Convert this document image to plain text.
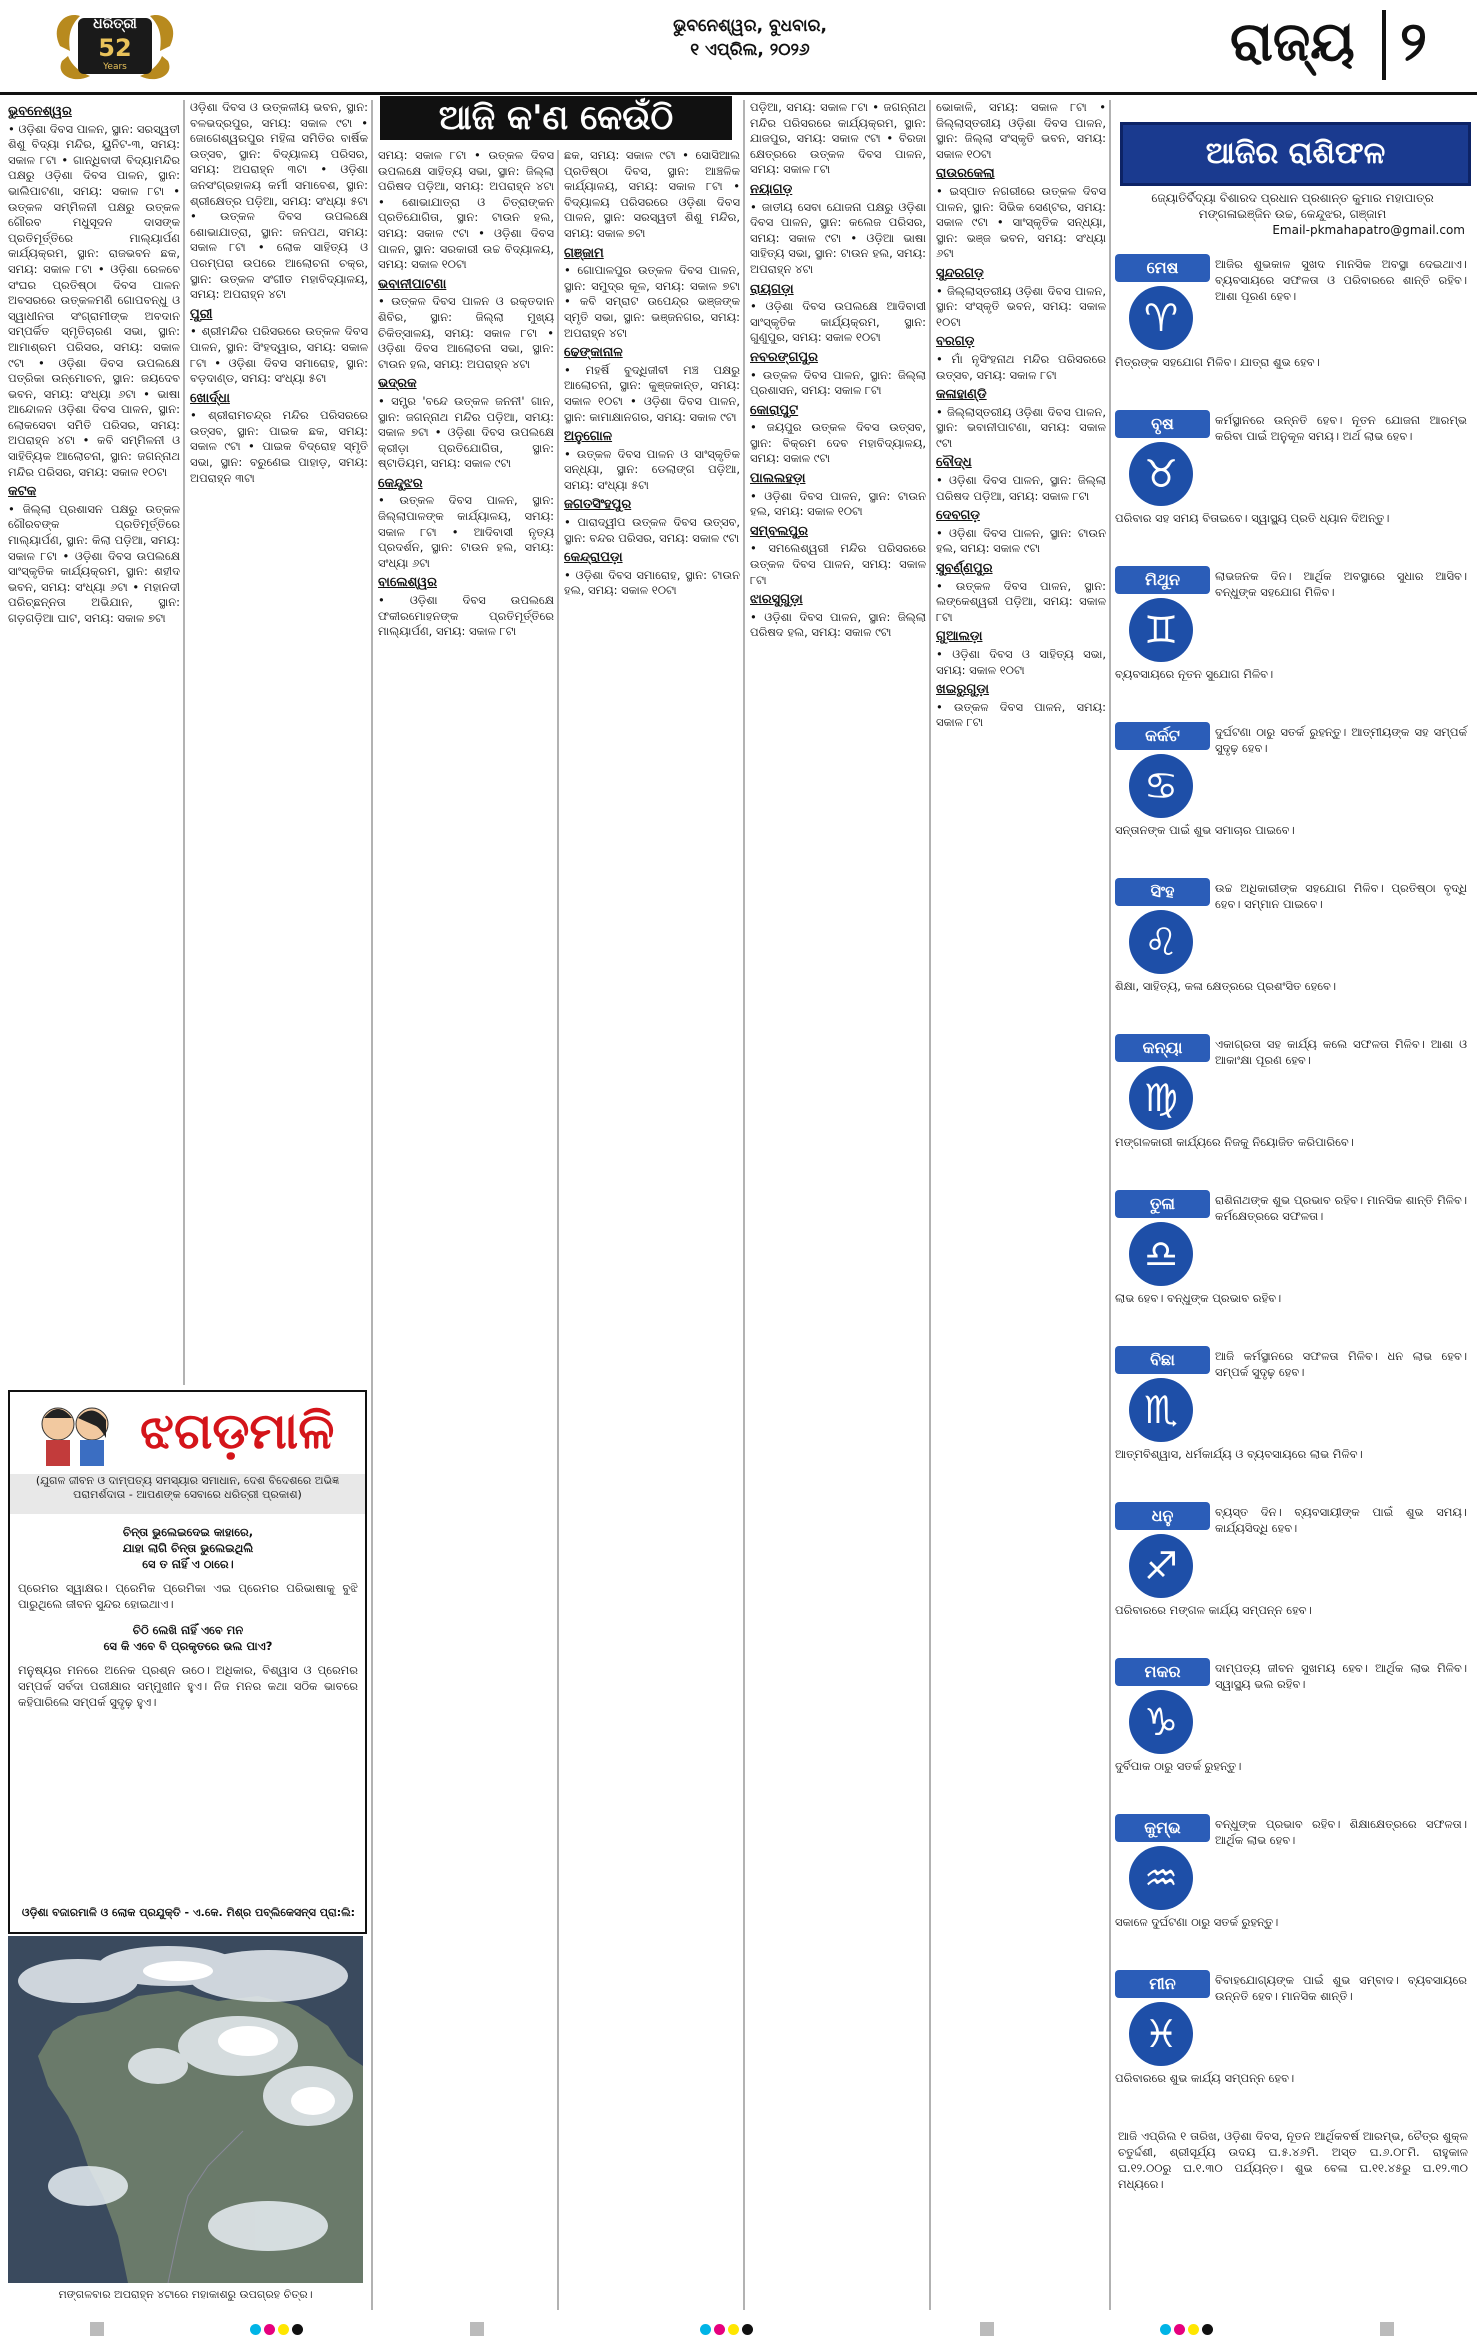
ଧରିତ୍ରୀ
52
Years
ଭୁବନେଶ୍ୱର, ବୁଧବାର,
୧ ଏପ୍ରିଲ, ୨୦୨୬	ରାଜ୍ୟ ୨
ଆଜି କ'ଣ କେଉଁଠି
ଭୁବନେଶ୍ୱର

• ଓଡ଼ିଶା ଦିବସ ପାଳନ, ସ୍ଥାନ: ସରସ୍ୱତୀ ଶିଶୁ ବିଦ୍ୟା ମନ୍ଦିର, ୟୁନିଟ-୩, ସମୟ: ସକାଳ ୮ଟା • ଗାନ୍ଧିବାଦୀ ବିଦ୍ୟାମନ୍ଦିର ପକ୍ଷରୁ ଓଡ଼ିଶା ଦିବସ ପାଳନ, ସ୍ଥାନ: ଭାଲିପାଟଣା, ସମୟ: ସକାଳ ୮ଟା • ଉତ୍କଳ ସମ୍ମିଳନୀ ପକ୍ଷରୁ ଉତ୍କଳ ଗୌରବ ମଧୁସୂଦନ ଦାସଙ୍କ ପ୍ରତିମୂର୍ତ୍ତିରେ ମାଲ୍ୟାର୍ପଣ କାର୍ଯ୍ୟକ୍ରମ, ସ୍ଥାନ: ରାଜଭବନ ଛକ, ସମୟ: ସକାଳ ୮ଟା • ଓଡ଼ିଶା ରେଳବେ ସଂଘର ପ୍ରତିଷ୍ଠା ଦିବସ ପାଳନ ଅବସରରେ ଉତ୍କଳମଣି ଗୋପବନ୍ଧୁ ଓ ସ୍ୱାଧୀନତା ସଂଗ୍ରାମୀଙ୍କ ଅବଦାନ ସମ୍ପର୍କିତ ସ୍ମୃତିଚାରଣ ସଭା, ସ୍ଥାନ: ଆମାଶ୍ରମ ପରିସର, ସମୟ: ସକାଳ ୯ଟା • ଓଡ଼ିଶା ଦିବସ ଉପଲକ୍ଷେ ପତ୍ରିକା ଉନ୍ମୋଚନ, ସ୍ଥାନ: ଜୟଦେବ ଭବନ, ସମୟ: ସଂଧ୍ୟା ୬ଟା • ଭାଷା ଆନ୍ଦୋଳନ ଓଡ଼ିଶା ଦିବସ ପାଳନ, ସ୍ଥାନ: ଲୋକସେବା ସମିତି ପରିସର, ସମୟ: ଅପରାହ୍ନ ୪ଟା • କବି ସମ୍ମିଳନୀ ଓ ସାହିତ୍ୟିକ ଆଲୋଚନା, ସ୍ଥାନ: ଜଗନ୍ନାଥ ମନ୍ଦିର ପରିସର, ସମୟ: ସକାଳ ୧୦ଟା

କଟକ

• ଜିଲ୍ଲା ପ୍ରଶାସନ ପକ୍ଷରୁ ଉତ୍କଳ ଗୌରବଙ୍କ ପ୍ରତିମୂର୍ତ୍ତିରେ ମାଲ୍ୟାର୍ପଣ, ସ୍ଥାନ: କିଲା ପଡ଼ିଆ, ସମୟ: ସକାଳ ୮ଟା • ଓଡ଼ିଶା ଦିବସ ଉପଲକ୍ଷେ ସାଂସ୍କୃତିକ କାର୍ଯ୍ୟକ୍ରମ, ସ୍ଥାନ: ଶହୀଦ ଭବନ, ସମୟ: ସଂଧ୍ୟା ୬ଟା • ମହାନଦୀ ପରିଚ୍ଛନ୍ନତା ଅଭିଯାନ, ସ୍ଥାନ: ଗଡ଼ଗଡ଼ିଆ ଘାଟ, ସମୟ: ସକାଳ ୭ଟା

ଓଡ଼ିଶା ଦିବସ ଓ ଉତ୍କଳୀୟ ଭବନ, ସ୍ଥାନ: ବଳଭଦ୍ରପୁର, ସମୟ: ସକାଳ ୯ଟା • ଜୋଗେଶ୍ୱରପୁର ମହିଳା ସମିତିର ବାର୍ଷିକ ଉତ୍ସବ, ସ୍ଥାନ: ବିଦ୍ୟାଳୟ ପରିସର, ସମୟ: ଅପରାହ୍ନ ୩ଟା • ଓଡ଼ିଶା ଜନସଂଗ୍ରହାଳୟ କର୍ମୀ ସମାବେଶ, ସ୍ଥାନ: ଶ୍ରୀକ୍ଷେତ୍ର ପଡ଼ିଆ, ସମୟ: ସଂଧ୍ୟା ୫ଟା • ଉତ୍କଳ ଦିବସ ଉପଲକ୍ଷେ ଶୋଭାଯାତ୍ରା, ସ୍ଥାନ: ଜନପଥ, ସମୟ: ସକାଳ ୮ଟା • ଲୋକ ସାହିତ୍ୟ ଓ ପରମ୍ପରା ଉପରେ ଆଲୋଚନା ଚକ୍ର, ସ୍ଥାନ: ଉତ୍କଳ ସଂଗୀତ ମହାବିଦ୍ୟାଳୟ, ସମୟ: ଅପରାହ୍ନ ୪ଟା

ପୁରୀ

• ଶ୍ରୀମନ୍ଦିର ପରିସରରେ ଉତ୍କଳ ଦିବସ ପାଳନ, ସ୍ଥାନ: ସିଂହଦ୍ୱାର, ସମୟ: ସକାଳ ୮ଟା • ଓଡ଼ିଶା ଦିବସ ସମାରୋହ, ସ୍ଥାନ: ବଡ଼ଦାଣ୍ଡ, ସମୟ: ସଂଧ୍ୟା ୫ଟା

ଖୋର୍ଦ୍ଧା

• ଶ୍ରୀରାମଚନ୍ଦ୍ର ମନ୍ଦିର ପରିସରରେ ଉତ୍ସବ, ସ୍ଥାନ: ପାଇକ ଛକ, ସମୟ: ସକାଳ ୯ଟା • ପାଇକ ବିଦ୍ରୋହ ସ୍ମୃତି ସଭା, ସ୍ଥାନ: ବରୁଣେଇ ପାହାଡ଼, ସମୟ: ଅପରାହ୍ନ ୩ଟା

ସମୟ: ସକାଳ ୮ଟା • ଉତ୍କଳ ଦିବସ ଉପଲକ୍ଷେ ସାହିତ୍ୟ ସଭା, ସ୍ଥାନ: ଜିଲ୍ଲା ପରିଷଦ ପଡ଼ିଆ, ସମୟ: ଅପରାହ୍ନ ୪ଟା • ଶୋଭାଯାତ୍ରା ଓ ଚିତ୍ରାଙ୍କନ ପ୍ରତିଯୋଗିତା, ସ୍ଥାନ: ଟାଉନ ହଲ, ସମୟ: ସକାଳ ୯ଟା • ଓଡ଼ିଶା ଦିବସ ପାଳନ, ସ୍ଥାନ: ସରକାରୀ ଉଚ୍ଚ ବିଦ୍ୟାଳୟ, ସମୟ: ସକାଳ ୧୦ଟା

ଭବାନୀପାଟଣା

• ଉତ୍କଳ ଦିବସ ପାଳନ ଓ ରକ୍ତଦାନ ଶିବିର, ସ୍ଥାନ: ଜିଲ୍ଲା ମୁଖ୍ୟ ଚିକିତ୍ସାଳୟ, ସମୟ: ସକାଳ ୮ଟା • ଓଡ଼ିଶା ଦିବସ ଆଲୋଚନା ସଭା, ସ୍ଥାନ: ଟାଉନ ହଲ, ସମୟ: ଅପରାହ୍ନ ୪ଟା

ଭଦ୍ରକ

• ସମ୍ପ୍ର 'ବନ୍ଦେ ଉତ୍କଳ ଜନନୀ' ଗାନ, ସ୍ଥାନ: ଜଗନ୍ନାଥ ମନ୍ଦିର ପଡ଼ିଆ, ସମୟ: ସକାଳ ୭ଟା • ଓଡ଼ିଶା ଦିବସ ଉପଲକ୍ଷେ କ୍ରୀଡ଼ା ପ୍ରତିଯୋଗିତା, ସ୍ଥାନ: ଷ୍ଟାଡିୟମ, ସମୟ: ସକାଳ ୯ଟା

କେନ୍ଦୁଝର

• ଉତ୍କଳ ଦିବସ ପାଳନ, ସ୍ଥାନ: ଜିଲ୍ଲାପାଳଙ୍କ କାର୍ଯ୍ୟାଳୟ, ସମୟ: ସକାଳ ୮ଟା • ଆଦିବାସୀ ନୃତ୍ୟ ପ୍ରଦର୍ଶନ, ସ୍ଥାନ: ଟାଉନ ହଲ, ସମୟ: ସଂଧ୍ୟା ୬ଟା

ବାଲେଶ୍ୱର

• ଓଡ଼ିଶା ଦିବସ ଉପଲକ୍ଷେ ଫକୀରମୋହନଙ୍କ ପ୍ରତିମୂର୍ତ୍ତିରେ ମାଲ୍ୟାର୍ପଣ, ସମୟ: ସକାଳ ୮ଟା

ଛକ, ସମୟ: ସକାଳ ୯ଟା • ସୋସିଆଲ ପ୍ରତିଷ୍ଠା ଦିବସ, ସ୍ଥାନ: ଆଞ୍ଚଳିକ କାର୍ଯ୍ୟାଳୟ, ସମୟ: ସକାଳ ୮ଟା • ବିଦ୍ୟାଳୟ ପରିସରରେ ଓଡ଼ିଶା ଦିବସ ପାଳନ, ସ୍ଥାନ: ସରସ୍ୱତୀ ଶିଶୁ ମନ୍ଦିର, ସମୟ: ସକାଳ ୭ଟା

ଗଞ୍ଜାମ

• ଗୋପାଳପୁର ଉତ୍କଳ ଦିବସ ପାଳନ, ସ୍ଥାନ: ସମୁଦ୍ର କୂଳ, ସମୟ: ସକାଳ ୭ଟା • କବି ସମ୍ରାଟ ଉପେନ୍ଦ୍ର ଭଞ୍ଜଙ୍କ ସ୍ମୃତି ସଭା, ସ୍ଥାନ: ଭଞ୍ଜନଗର, ସମୟ: ଅପରାହ୍ନ ୪ଟା

ଢେଙ୍କାନାଳ

• ମହର୍ଷି ବୁଦ୍ଧିଜୀବୀ ମଞ୍ଚ ପକ୍ଷରୁ ଆଲୋଚନା, ସ୍ଥାନ: କୁଞ୍ଜକାନ୍ତ, ସମୟ: ସକାଳ ୧୦ଟା • ଓଡ଼ିଶା ଦିବସ ପାଳନ, ସ୍ଥାନ: କାମାକ୍ଷାନଗର, ସମୟ: ସକାଳ ୯ଟା

ଅନୁଗୋଳ

• ଉତ୍କଳ ଦିବସ ପାଳନ ଓ ସାଂସ୍କୃତିକ ସନ୍ଧ୍ୟା, ସ୍ଥାନ: ଡେଲାଙ୍ଗ ପଡ଼ିଆ, ସମୟ: ସଂଧ୍ୟା ୫ଟା

ଜଗତସିଂହପୁର

• ପାରାଦ୍ୱୀପ ଉତ୍କଳ ଦିବସ ଉତ୍ସବ, ସ୍ଥାନ: ବନ୍ଦର ପରିସର, ସମୟ: ସକାଳ ୯ଟା

କେନ୍ଦ୍ରାପଡ଼ା

• ଓଡ଼ିଶା ଦିବସ ସମାରୋହ, ସ୍ଥାନ: ଟାଉନ ହଲ, ସମୟ: ସକାଳ ୧୦ଟା

ପଡ଼ିଆ, ସମୟ: ସକାଳ ୮ଟା • ଜଗନ୍ନାଥ ମନ୍ଦିର ପରିସରରେ କାର୍ଯ୍ୟକ୍ରମ, ସ୍ଥାନ: ଯାଜପୁର, ସମୟ: ସକାଳ ୯ଟା • ବିରଜା କ୍ଷେତ୍ରରେ ଉତ୍କଳ ଦିବସ ପାଳନ, ସମୟ: ସକାଳ ୮ଟା

ନୟାଗଡ଼

• ଜାତୀୟ ସେବା ଯୋଜନା ପକ୍ଷରୁ ଓଡ଼ିଶା ଦିବସ ପାଳନ, ସ୍ଥାନ: କଲେଜ ପରିସର, ସମୟ: ସକାଳ ୯ଟା • ଓଡ଼ିଆ ଭାଷା ସାହିତ୍ୟ ସଭା, ସ୍ଥାନ: ଟାଉନ ହଲ, ସମୟ: ଅପରାହ୍ନ ୪ଟା

ରାୟଗଡ଼ା

• ଓଡ଼ିଶା ଦିବସ ଉପଲକ୍ଷେ ଆଦିବାସୀ ସାଂସ୍କୃତିକ କାର୍ଯ୍ୟକ୍ରମ, ସ୍ଥାନ: ଗୁଣୁପୁର, ସମୟ: ସକାଳ ୧୦ଟା

ନବରଙ୍ଗପୁର

• ଉତ୍କଳ ଦିବସ ପାଳନ, ସ୍ଥାନ: ଜିଲ୍ଲା ପ୍ରଶାସନ, ସମୟ: ସକାଳ ୮ଟା

କୋରାପୁଟ

• ଜୟପୁର ଉତ୍କଳ ଦିବସ ଉତ୍ସବ, ସ୍ଥାନ: ବିକ୍ରମ ଦେବ ମହାବିଦ୍ୟାଳୟ, ସମୟ: ସକାଳ ୯ଟା

ପାଲଲହଡ଼ା

• ଓଡ଼ିଶା ଦିବସ ପାଳନ, ସ୍ଥାନ: ଟାଉନ ହଲ, ସମୟ: ସକାଳ ୧୦ଟା

ସମ୍ବଲପୁର

• ସମଲେଶ୍ୱରୀ ମନ୍ଦିର ପରିସରରେ ଉତ୍କଳ ଦିବସ ପାଳନ, ସମୟ: ସକାଳ ୮ଟା

ଝାରସୁଗୁଡ଼ା

• ଓଡ଼ିଶା ଦିବସ ପାଳନ, ସ୍ଥାନ: ଜିଲ୍ଲା ପରିଷଦ ହଲ, ସମୟ: ସକାଳ ୯ଟା

ଭୋକାଳି, ସମୟ: ସକାଳ ୮ଟା • ଜିଲ୍ଲାସ୍ତରୀୟ ଓଡ଼ିଶା ଦିବସ ପାଳନ, ସ୍ଥାନ: ଜିଲ୍ଲା ସଂସ୍କୃତି ଭବନ, ସମୟ: ସକାଳ ୧୦ଟା

ରାଉରକେଲା

• ଇସ୍ପାତ ନଗରୀରେ ଉତ୍କଳ ଦିବସ ପାଳନ, ସ୍ଥାନ: ସିଭିକ ସେଣ୍ଟର, ସମୟ: ସକାଳ ୯ଟା • ସାଂସ୍କୃତିକ ସନ୍ଧ୍ୟା, ସ୍ଥାନ: ଭଞ୍ଜ ଭବନ, ସମୟ: ସଂଧ୍ୟା ୬ଟା

ସୁନ୍ଦରଗଡ଼

• ଜିଲ୍ଲାସ୍ତରୀୟ ଓଡ଼ିଶା ଦିବସ ପାଳନ, ସ୍ଥାନ: ସଂସ୍କୃତି ଭବନ, ସମୟ: ସକାଳ ୧୦ଟା

ବରଗଡ଼

• ମାଁ ନୃସିଂହନାଥ ମନ୍ଦିର ପରିସରରେ ଉତ୍ସବ, ସମୟ: ସକାଳ ୮ଟା

କଳାହାଣ୍ଡି

• ଜିଲ୍ଲାସ୍ତରୀୟ ଓଡ଼ିଶା ଦିବସ ପାଳନ, ସ୍ଥାନ: ଭବାନୀପାଟଣା, ସମୟ: ସକାଳ ୯ଟା

ବୌଦ୍ଧ

• ଓଡ଼ିଶା ଦିବସ ପାଳନ, ସ୍ଥାନ: ଜିଲ୍ଲା ପରିଷଦ ପଡ଼ିଆ, ସମୟ: ସକାଳ ୮ଟା

ଦେବଗଡ଼

• ଓଡ଼ିଶା ଦିବସ ପାଳନ, ସ୍ଥାନ: ଟାଉନ ହଲ, ସମୟ: ସକାଳ ୯ଟା

ସୁବର୍ଣ୍ଣପୁର

• ଉତ୍କଳ ଦିବସ ପାଳନ, ସ୍ଥାନ: ଲଙ୍କେଶ୍ୱରୀ ପଡ଼ିଆ, ସମୟ: ସକାଳ ୮ଟା

ଗୁଆଲଡ଼ା

• ଓଡ଼ିଶା ଦିବସ ଓ ସାହିତ୍ୟ ସଭା, ସମୟ: ସକାଳ ୧୦ଟା

ଖଇରୁଗୁଡ଼ା

• ଉତ୍କଳ ଦିବସ ପାଳନ, ସମୟ: ସକାଳ ୮ଟା

ଝଗଡ଼ମାଳି
(ଯୁଗଳ ଜୀବନ ଓ ଦାମ୍ପତ୍ୟ ସମସ୍ୟାର ସମାଧାନ, ଦେଶ ବିଦେଶରେ ଅଭିଜ୍ଞ ପରାମର୍ଶଦାତା - ଆପଣଙ୍କ ସେବାରେ ଧରିତ୍ରୀ ପ୍ରକାଶ)
ଚିନ୍ତା ଭୁଲେଇଦେଇ କାହାରେ,
ଯାହା ଲାଗି ଚିନ୍ତା ଭୁଲେଇଥିଲି
ସେ ତ ନାହିଁ ଏ ଠାରେ।
ପ୍ରେମର ସ୍ୱାକ୍ଷର। ପ୍ରେମିକ ପ୍ରେମିକା ଏଇ ପ୍ରେମର ପରିଭାଷାକୁ ବୁଝି ପାରୁଥିଲେ ଜୀବନ ସୁନ୍ଦର ହୋଇଥାଏ।
ଚିଠି ଲେଖି ନାହିଁ ଏବେ ମନ
ସେ କି ଏବେ ବି ପ୍ରକୃତରେ ଭଲ ପାଏ?
ମନୁଷ୍ୟର ମନରେ ଅନେକ ପ୍ରଶ୍ନ ଉଠେ। ଅଧିକାର, ବିଶ୍ୱାସ ଓ ପ୍ରେମର ସମ୍ପର୍କ ସର୍ବଦା ପରୀକ୍ଷାର ସମ୍ମୁଖୀନ ହୁଏ। ନିଜ ମନର କଥା ସଠିକ ଭାବରେ କହିପାରିଲେ ସମ୍ପର୍କ ସୁଦୃଢ଼ ହୁଏ।
ଓଡ଼ିଶା ବଜାରମାଳି ଓ ଲୋକ ପ୍ରଯୁକ୍ତି - ଏ.କେ. ମିଶ୍ର ପବ୍ଲିକେସନ୍ସ ପ୍ରା:ଲି:
ମଙ୍ଗଳବାର ଅପରାହ୍ନ ୪ଟାରେ ମହାକାଶରୁ ଉପଗ୍ରହ ଚିତ୍ର।
ଆଜିର ରାଶିଫଳ
ଜ୍ୟୋତିର୍ବିଦ୍ୟା ବିଶାରଦ ପ୍ରଧାନ ପ୍ରଶାନ୍ତ କୁମାର ମହାପାତ୍ର
ମଙ୍ଗଳାଇଞ୍ଜିନ ଉଚ୍ଚ, କେନ୍ଦୁଝର, ଗଞ୍ଜାମ
Email-pkmahapatro@gmail.com
ମେଷ
♈
ଆଜିର ଶୁଭକାଳ ସୁଖଦ ମାନସିକ ଅବସ୍ଥା ଦେଇଥାଏ। ବ୍ୟବସାୟରେ ସଫଳତା ଓ ପରିବାରରେ ଶାନ୍ତି ରହିବ। ଆଶା ପୂରଣ ହେବ।
ମିତ୍ରଙ୍କ ସହଯୋଗ ମିଳିବ। ଯାତ୍ରା ଶୁଭ ହେବ।
ବୃଷ
♉
କର୍ମସ୍ଥାନରେ ଉନ୍ନତି ହେବ। ନୂତନ ଯୋଜନା ଆରମ୍ଭ କରିବା ପାଇଁ ଅନୁକୂଳ ସମୟ। ଅର୍ଥ ଲାଭ ହେବ।
ପରିବାର ସହ ସମୟ ବିତାଇବେ। ସ୍ୱାସ୍ଥ୍ୟ ପ୍ରତି ଧ୍ୟାନ ଦିଅନ୍ତୁ।
ମିଥୁନ
♊
ଲାଭଜନକ ଦିନ। ଆର୍ଥିକ ଅବସ୍ଥାରେ ସୁଧାର ଆସିବ। ବନ୍ଧୁଙ୍କ ସହଯୋଗ ମିଳିବ।
ବ୍ୟବସାୟରେ ନୂତନ ସୁଯୋଗ ମିଳିବ।
କର୍କଟ
♋
ଦୁର୍ଘଟଣା ଠାରୁ ସତର୍କ ରୁହନ୍ତୁ। ଆତ୍ମୀୟଙ୍କ ସହ ସମ୍ପର୍କ ସୁଦୃଢ଼ ହେବ।
ସନ୍ତାନଙ୍କ ପାଇଁ ଶୁଭ ସମାଚାର ପାଇବେ।
ସିଂହ
♌
ଉଚ୍ଚ ଅଧିକାରୀଙ୍କ ସହଯୋଗ ମିଳିବ। ପ୍ରତିଷ୍ଠା ବୃଦ୍ଧି ହେବ। ସମ୍ମାନ ପାଇବେ।
ଶିକ୍ଷା, ସାହିତ୍ୟ, କଳା କ୍ଷେତ୍ରରେ ପ୍ରଶଂସିତ ହେବେ।
କନ୍ୟା
♍
ଏକାଗ୍ରତା ସହ କାର୍ଯ୍ୟ କଲେ ସଫଳତା ମିଳିବ। ଆଶା ଓ ଆକାଂକ୍ଷା ପୂରଣ ହେବ।
ମଙ୍ଗଳକାରୀ କାର୍ଯ୍ୟରେ ନିଜକୁ ନିୟୋଜିତ କରିପାରିବେ।
ତୁଳା
♎
ରାଶିନାଥଙ୍କ ଶୁଭ ପ୍ରଭାବ ରହିବ। ମାନସିକ ଶାନ୍ତି ମିଳିବ। କର୍ମକ୍ଷେତ୍ରରେ ସଫଳତା।
ଲାଭ ହେବ। ବନ୍ଧୁଙ୍କ ପ୍ରଭାବ ରହିବ।
ବିଛା
♏
ଆଜି କର୍ମସ୍ଥାନରେ ସଫଳତା ମିଳିବ। ଧନ ଲାଭ ହେବ। ସମ୍ପର୍କ ସୁଦୃଢ଼ ହେବ।
ଆତ୍ମବିଶ୍ୱାସ, ଧର୍ମକାର୍ଯ୍ୟ ଓ ବ୍ୟବସାୟରେ ଲାଭ ମିଳିବ।
ଧନୁ
♐
ବ୍ୟସ୍ତ ଦିନ। ବ୍ୟବସାୟୀଙ୍କ ପାଇଁ ଶୁଭ ସମୟ। କାର୍ଯ୍ୟସିଦ୍ଧି ହେବ।
ପରିବାରରେ ମଙ୍ଗଳ କାର୍ଯ୍ୟ ସମ୍ପନ୍ନ ହେବ।
ମକର
♑
ଦାମ୍ପତ୍ୟ ଜୀବନ ସୁଖମୟ ହେବ। ଆର୍ଥିକ ଲାଭ ମିଳିବ। ସ୍ୱାସ୍ଥ୍ୟ ଭଲ ରହିବ।
ଦୁର୍ବିପାକ ଠାରୁ ସତର୍କ ରୁହନ୍ତୁ।
କୁମ୍ଭ
♒
ବନ୍ଧୁଙ୍କ ପ୍ରଭାବ ରହିବ। ଶିକ୍ଷାକ୍ଷେତ୍ରରେ ସଫଳତା। ଆର୍ଥିକ ଲାଭ ହେବ।
ସକାଳେ ଦୁର୍ଘଟଣା ଠାରୁ ସତର୍କ ରୁହନ୍ତୁ।
ମୀନ
♓
ବିବାହଯୋଗ୍ୟଙ୍କ ପାଇଁ ଶୁଭ ସମ୍ବାଦ। ବ୍ୟବସାୟରେ ଉନ୍ନତି ହେବ। ମାନସିକ ଶାନ୍ତି।
ପରିବାରରେ ଶୁଭ କାର୍ଯ୍ୟ ସମ୍ପନ୍ନ ହେବ।
ଆଜି ଏପ୍ରିଲ ୧ ତାରିଖ, ଓଡ଼ିଶା ଦିବସ, ନୂତନ ଆର୍ଥିକବର୍ଷ ଆରମ୍ଭ, ଚୈତ୍ର ଶୁକ୍ଳ ଚତୁର୍ଦ୍ଦଶୀ, ଶ୍ରୀସୂର୍ଯ୍ୟ ଉଦୟ ଘ.୫.୪୬ମି. ଅସ୍ତ ଘ.୬.୦୮ମି. ରାହୁକାଳ ଘ.୧୨.୦୦ରୁ ଘ.୧.୩୦ ପର୍ଯ୍ୟନ୍ତ। ଶୁଭ ବେଳା ଘ.୧୧.୪୫ରୁ ଘ.୧୨.୩୦ ମଧ୍ୟରେ।
